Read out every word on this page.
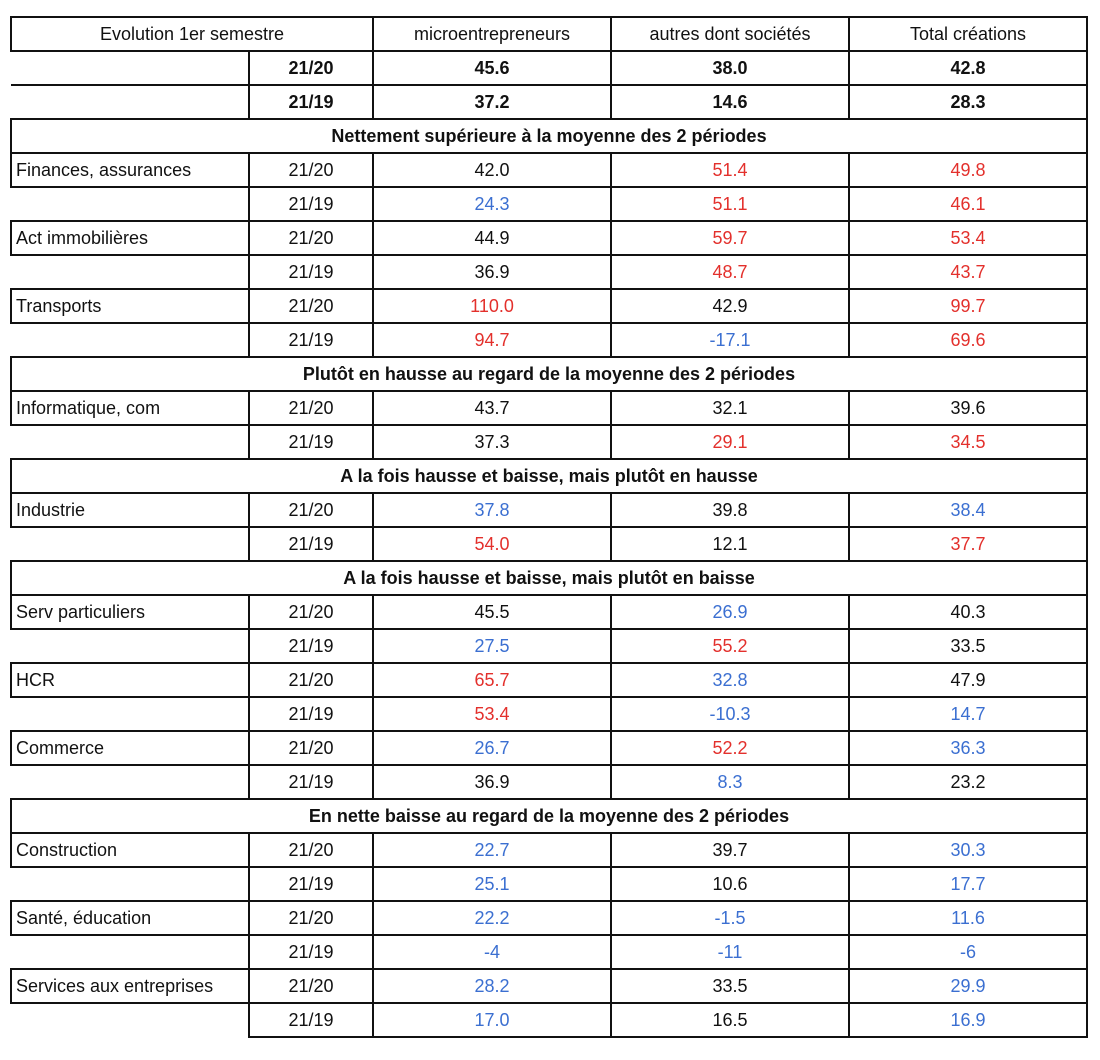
Evolution 1er semestre		microentrepreneurs	autres dont sociétés	Total créations
	21/20	45.6	38.0	42.8
	21/19	37.2	14.6	28.3
Nettement supérieure à la moyenne des 2 périodes				
Finances, assurances	21/20	42.0	51.4	49.8
	21/19	24.3	51.1	46.1
Act immobilières	21/20	44.9	59.7	53.4
	21/19	36.9	48.7	43.7
Transports	21/20	110.0	42.9	99.7
	21/19	94.7	-17.1	69.6
Plutôt en hausse au regard de la moyenne des 2 périodes				
Informatique, com	21/20	43.7	32.1	39.6
	21/19	37.3	29.1	34.5
A la fois hausse et baisse, mais plutôt en hausse				
Industrie	21/20	37.8	39.8	38.4
	21/19	54.0	12.1	37.7
A la fois hausse et baisse, mais plutôt en baisse				
Serv particuliers	21/20	45.5	26.9	40.3
	21/19	27.5	55.2	33.5
HCR	21/20	65.7	32.8	47.9
	21/19	53.4	-10.3	14.7
Commerce	21/20	26.7	52.2	36.3
	21/19	36.9	8.3	23.2
En nette baisse au regard de la moyenne des 2 périodes				
Construction	21/20	22.7	39.7	30.3
	21/19	25.1	10.6	17.7
Santé, éducation	21/20	22.2	-1.5	11.6
	21/19	-4	-11	-6
Services aux entreprises	21/20	28.2	33.5	29.9
	21/19	17.0	16.5	16.9
